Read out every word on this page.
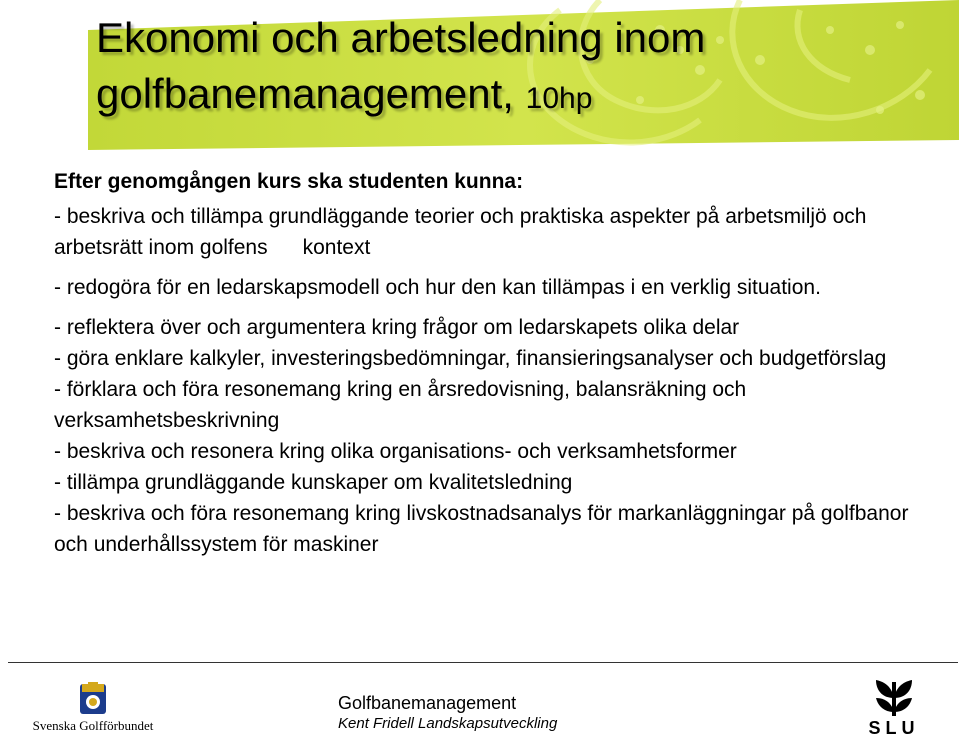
Ekonomi och arbetsledning inom golfbanemanagement, 10hp
Efter genomgången kurs ska studenten kunna:
- beskriva och tillämpa grundläggande teorier och praktiska aspekter på arbetsmiljö och arbetsrätt inom golfens      kontext
- redogöra för en ledarskapsmodell och hur den kan tillämpas i en verklig situation.
- reflektera över och argumentera kring frågor om ledarskapets olika delar
- göra enklare kalkyler, investeringsbedömningar, finansieringsanalyser och budgetförslag
- förklara och föra resonemang kring en årsredovisning, balansräkning och verksamhetsbeskrivning
- beskriva och resonera kring olika organisations- och verksamhetsformer
- tillämpa grundläggande kunskaper om kvalitetsledning
- beskriva och föra resonemang kring livskostnadsanalys för markanläggningar på golfbanor och underhållssystem för maskiner
Svenska Golfförbundet
Golfbanemanagement
Kent Fridell Landskapsutveckling	SLU
